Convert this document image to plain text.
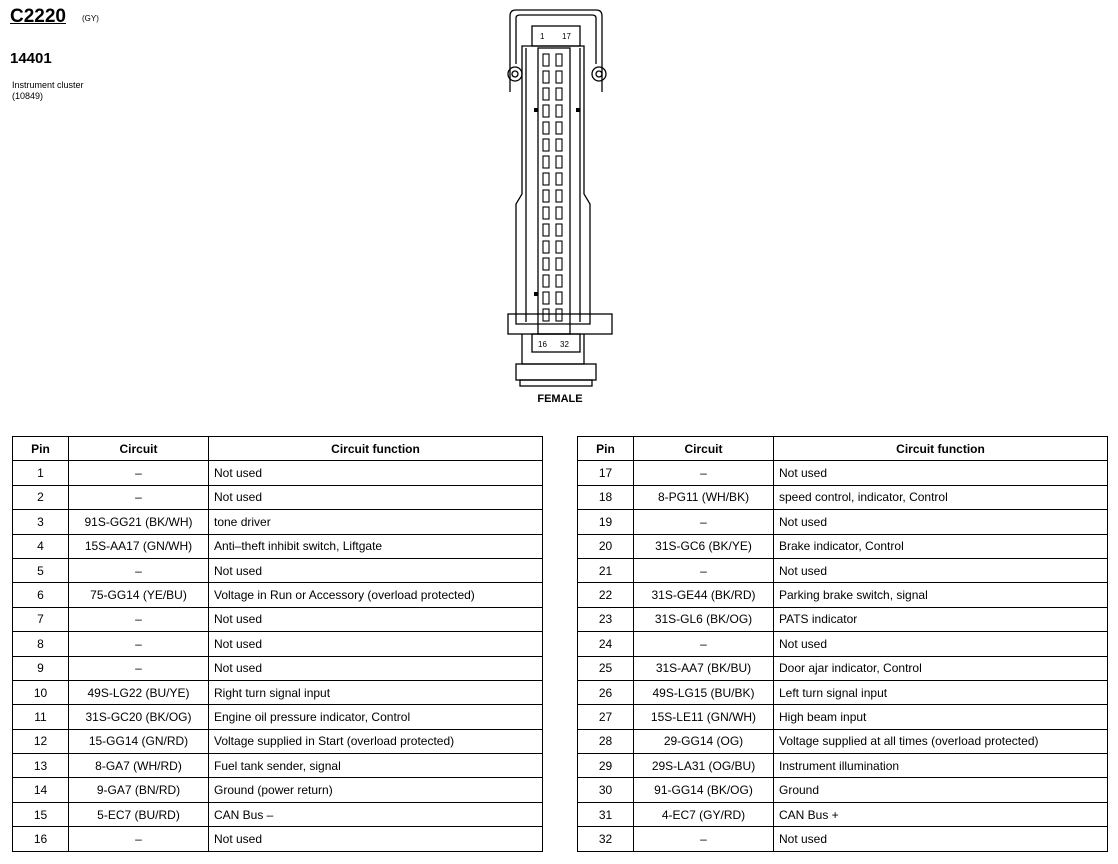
C2220 (GY)
14401
Instrument cluster
(10849)
1 17
16 32
FEMALE
Pin	Circuit	Circuit function
1	–	Not used
2	–	Not used
3	91S-GG21 (BK/WH)	tone driver
4	15S-AA17 (GN/WH)	Anti–theft inhibit switch, Liftgate
5	–	Not used
6	75-GG14 (YE/BU)	Voltage in Run or Accessory (overload protected)
7	–	Not used
8	–	Not used
9	–	Not used
10	49S-LG22 (BU/YE)	Right turn signal input
11	31S-GC20 (BK/OG)	Engine oil pressure indicator, Control
12	15-GG14 (GN/RD)	Voltage supplied in Start (overload protected)
13	8-GA7 (WH/RD)	Fuel tank sender, signal
14	9-GA7 (BN/RD)	Ground (power return)
15	5-EC7 (BU/RD)	CAN Bus –
16	–	Not used
Pin	Circuit	Circuit function
17	–	Not used
18	8-PG11 (WH/BK)	speed control, indicator, Control
19	–	Not used
20	31S-GC6 (BK/YE)	Brake indicator, Control
21	–	Not used
22	31S-GE44 (BK/RD)	Parking brake switch, signal
23	31S-GL6 (BK/OG)	PATS indicator
24	–	Not used
25	31S-AA7 (BK/BU)	Door ajar indicator, Control
26	49S-LG15 (BU/BK)	Left turn signal input
27	15S-LE11 (GN/WH)	High beam input
28	29-GG14 (OG)	Voltage supplied at all times (overload protected)
29	29S-LA31 (OG/BU)	Instrument illumination
30	91-GG14 (BK/OG)	Ground
31	4-EC7 (GY/RD)	CAN Bus +
32	–	Not used
